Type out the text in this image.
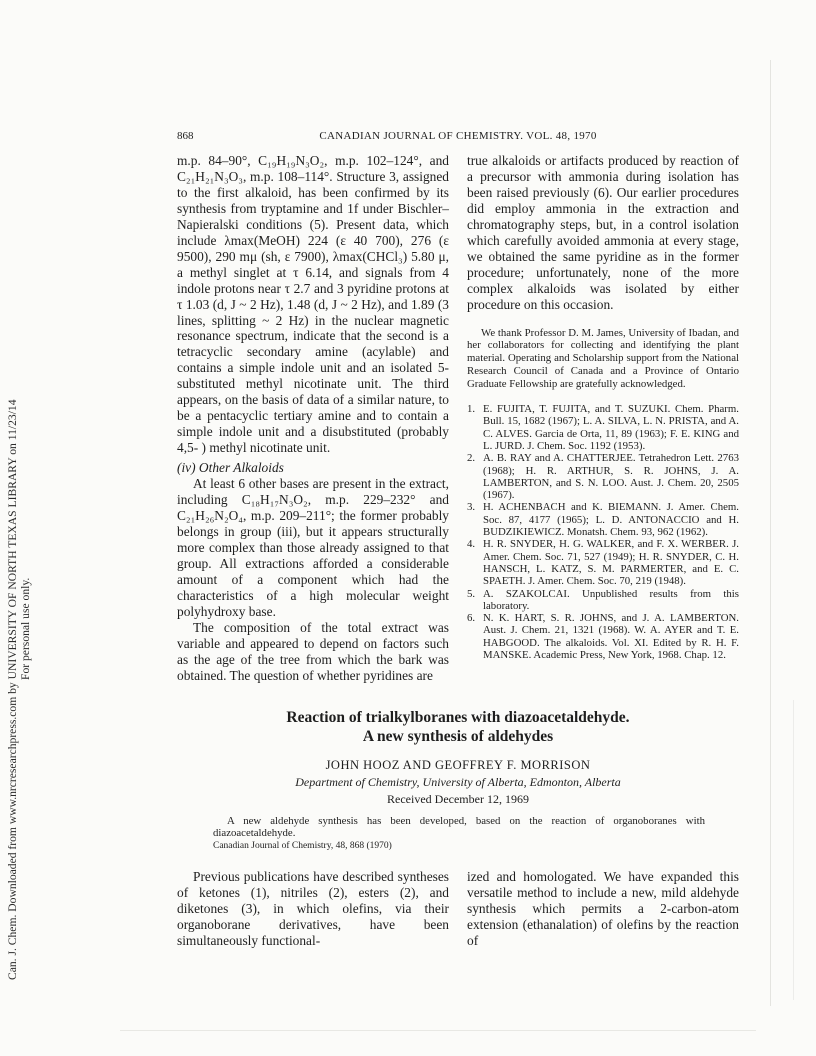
Can. J. Chem. Downloaded from www.nrcresearchpress.com by UNIVERSITY OF NORTH TEXAS LIBRARY on 11/23/14 For personal use only.
868	CANADIAN JOURNAL OF CHEMISTRY. VOL. 48, 1970

m.p. 84–90°, C₁₉H₁₉N₃O₂, m.p. 102–124°, and C₂₁H₂₁N₃O₃, m.p. 108–114°. Structure 3, assigned to the first alkaloid, has been confirmed by its synthesis from tryptamine and 1f under Bischler–Napieralski conditions (5). Present data, which include λmax(MeOH) 224 (ε 40 700), 276 (ε 9500), 290 mμ (sh, ε 7900), λmax(CHCl₃) 5.80 μ, a methyl singlet at τ 6.14, and signals from 4 indole protons near τ 2.7 and 3 pyridine protons at τ 1.03 (d, J ~ 2 Hz), 1.48 (d, J ~ 2 Hz), and 1.89 (3 lines, splitting ~ 2 Hz) in the nuclear magnetic resonance spectrum, indicate that the second is a tetracyclic secondary amine (acylable) and contains a simple indole unit and an isolated 5-substituted methyl nicotinate unit. The third appears, on the basis of data of a similar nature, to be a pentacyclic tertiary amine and to contain a simple indole unit and a disubstituted (probably 4,5- ) methyl nicotinate unit.

(iv) Other Alkaloids

At least 6 other bases are present in the extract, including C₁₈H₁₇N₃O₂, m.p. 229–232° and C₂₁H₂₆N₂O₄, m.p. 209–211°; the former probably belongs in group (iii), but it appears structurally more complex than those already assigned to that group. All extractions afforded a considerable amount of a component which had the characteristics of a high molecular weight polyhydroxy base.

The composition of the total extract was variable and appeared to depend on factors such as the age of the tree from which the bark was obtained. The question of whether pyridines are

true alkaloids or artifacts produced by reaction of a precursor with ammonia during isolation has been raised previously (6). Our earlier procedures did employ ammonia in the extraction and chromatography steps, but, in a control isolation which carefully avoided ammonia at every stage, we obtained the same pyridine as in the former procedure; unfortunately, none of the more complex alkaloids was isolated by either procedure on this occasion.

We thank Professor D. M. James, University of Ibadan, and her collaborators for collecting and identifying the plant material. Operating and Scholarship support from the National Research Council of Canada and a Province of Ontario Graduate Fellowship are gratefully acknowledged.

1. E. FUJITA, T. FUJITA, and T. SUZUKI. Chem. Pharm. Bull. 15, 1682 (1967); L. A. SILVA, L. N. PRISTA, and A. C. ALVES. Garcia de Orta, 11, 89 (1963); F. E. KING and L. JURD. J. Chem. Soc. 1192 (1953).
2. A. B. RAY and A. CHATTERJEE. Tetrahedron Lett. 2763 (1968); H. R. ARTHUR, S. R. JOHNS, J. A. LAMBERTON, and S. N. LOO. Aust. J. Chem. 20, 2505 (1967).
3. H. ACHENBACH and K. BIEMANN. J. Amer. Chem. Soc. 87, 4177 (1965); L. D. ANTONACCIO and H. BUDZIKIEWICZ. Monatsh. Chem. 93, 962 (1962).
4. H. R. SNYDER, H. G. WALKER, and F. X. WERBER. J. Amer. Chem. Soc. 71, 527 (1949); H. R. SNYDER, C. H. HANSCH, L. KATZ, S. M. PARMERTER, and E. C. SPAETH. J. Amer. Chem. Soc. 70, 219 (1948).
5. A. SZAKOLCAI. Unpublished results from this laboratory.
6. N. K. HART, S. R. JOHNS, and J. A. LAMBERTON. Aust. J. Chem. 21, 1321 (1968). W. A. AYER and T. E. HABGOOD. The alkaloids. Vol. XI. Edited by R. H. F. MANSKE. Academic Press, New York, 1968. Chap. 12.
Reaction of trialkylboranes with diazoacetaldehyde.
A new synthesis of aldehydes
JOHN HOOZ AND GEOFFREY F. MORRISON
Department of Chemistry, University of Alberta, Edmonton, Alberta
Received December 12, 1969

A new aldehyde synthesis has been developed, based on the reaction of organoboranes with diazoacetaldehyde.

Canadian Journal of Chemistry, 48, 868 (1970)

Previous publications have described syntheses of ketones (1), nitriles (2), esters (2), and diketones (3), in which olefins, via their organoborane derivatives, have been simultaneously functional-

ized and homologated. We have expanded this versatile method to include a new, mild aldehyde synthesis which permits a 2-carbon-atom extension (ethanalation) of olefins by the reaction of
